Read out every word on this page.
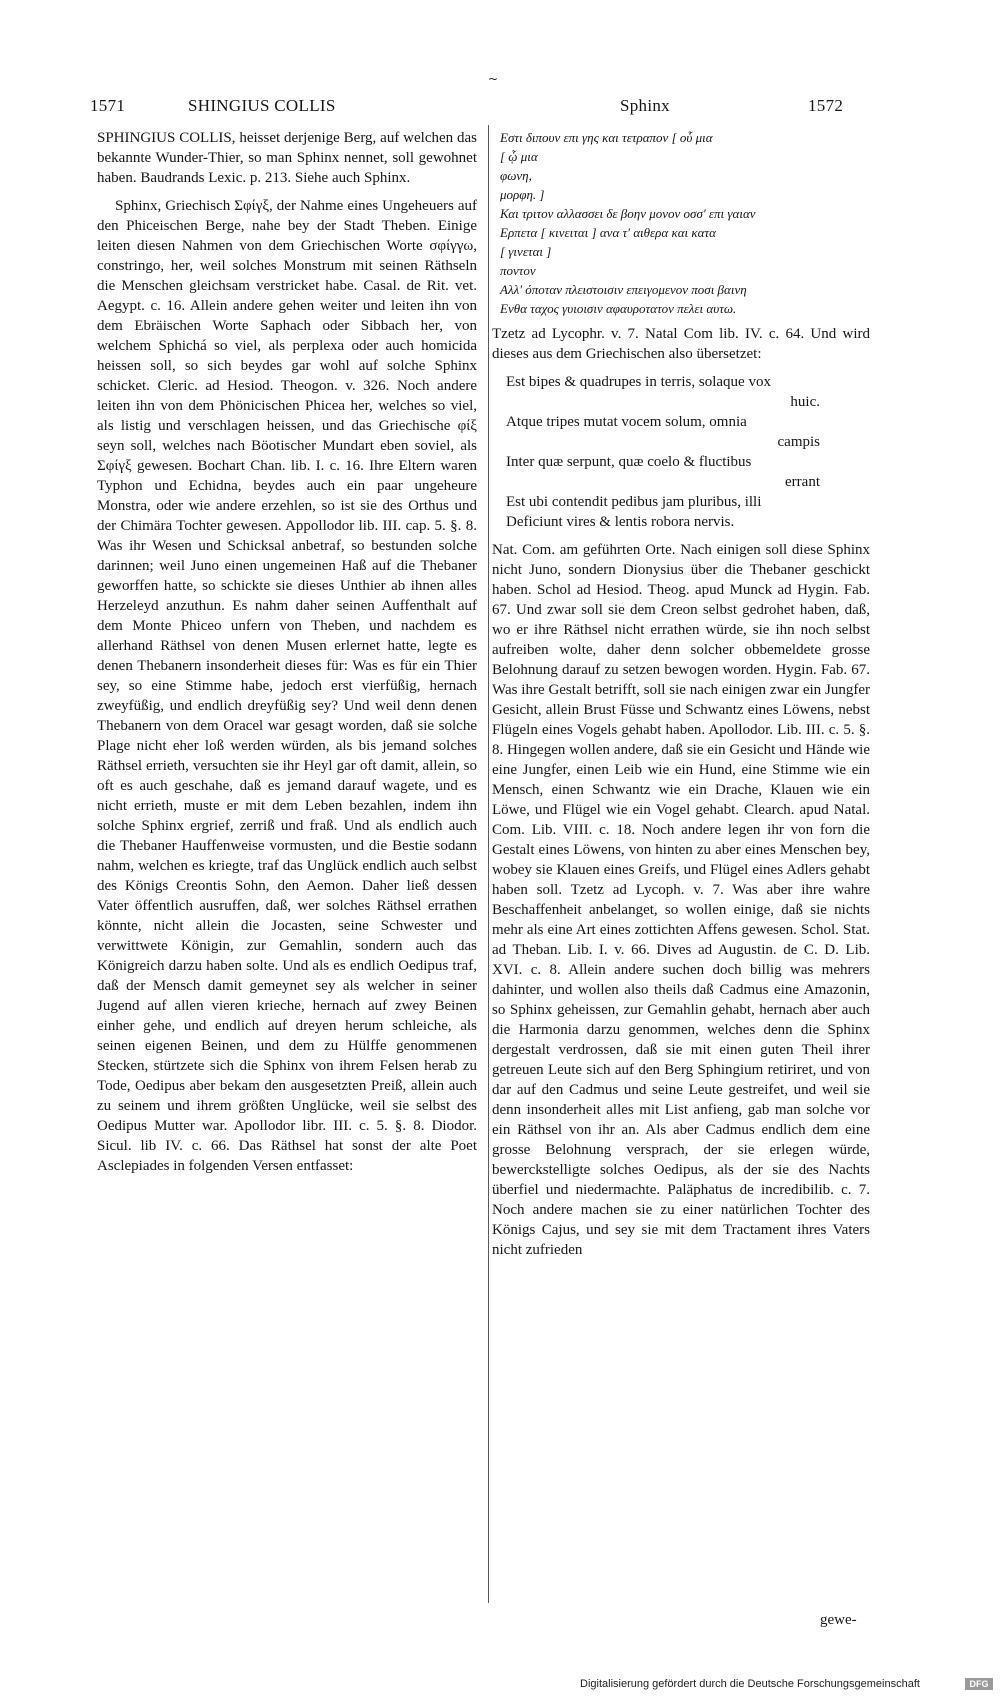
~
1571	SHINGIUS COLLIS	Sphinx	1572

SPHINGIUS COLLIS, heisset derjenige Berg, auf welchen das bekannte Wunder-Thier, so man Sphinx nennet, soll gewohnet haben. Baudrands Lexic. p. 213. Siehe auch Sphinx.

Sphinx, Griechisch Σφίγξ, der Nahme eines Ungeheuers auf den Phiceischen Berge, nahe bey der Stadt Theben. Einige leiten diesen Nahmen von dem Griechischen Worte σφίγγω, constringo, her, weil solches Monstrum mit seinen Räthseln die Menschen gleichsam verstricket habe. Casal. de Rit. vet. Aegypt. c. 16. Allein andere gehen weiter und leiten ihn von dem Ebräischen Worte Saphach oder Sibbach her, von welchem Sphichá so viel, als perplexa oder auch homicida heissen soll, so sich beydes gar wohl auf solche Sphinx schicket. Cleric. ad Hesiod. Theogon. v. 326. Noch andere leiten ihn von dem Phönicischen Phicea her, welches so viel, als listig und verschlagen heissen, und das Griechische φίξ seyn soll, welches nach Böotischer Mundart eben soviel, als Σφίγξ gewesen. Bochart Chan. lib. I. c. 16. Ihre Eltern waren Typhon und Echidna, beydes auch ein paar ungeheure Monstra, oder wie andere erzehlen, so ist sie des Orthus und der Chimära Tochter gewesen. Appollodor lib. III. cap. 5. §. 8. Was ihr Wesen und Schicksal anbetraf, so bestunden solche darinnen; weil Juno einen ungemeinen Haß auf die Thebaner geworffen hatte, so schickte sie dieses Unthier ab ihnen alles Herzeleyd anzuthun. Es nahm daher seinen Auffenthalt auf dem Monte Phiceo unfern von Theben, und nachdem es allerhand Räthsel von denen Musen erlernet hatte, legte es denen Thebanern insonderheit dieses für: Was es für ein Thier sey, so eine Stimme habe, jedoch erst vierfüßig, hernach zweyfüßig, und endlich dreyfüßig sey? Und weil denn denen Thebanern von dem Oracel war gesagt worden, daß sie solche Plage nicht eher loß werden würden, als bis jemand solches Räthsel errieth, versuchten sie ihr Heyl gar oft damit, allein, so oft es auch geschahe, daß es jemand darauf wagete, und es nicht errieth, muste er mit dem Leben bezahlen, indem ihn solche Sphinx ergrief, zerriß und fraß. Und als endlich auch die Thebaner Hauffenweise vormusten, und die Bestie sodann nahm, welchen es kriegte, traf das Unglück endlich auch selbst des Königs Creontis Sohn, den Aemon. Daher ließ dessen Vater öffentlich ausruffen, daß, wer solches Räthsel errathen könnte, nicht allein die Jocasten, seine Schwester und verwittwete Königin, zur Gemahlin, sondern auch das Königreich darzu haben solte. Und als es endlich Oedipus traf, daß der Mensch damit gemeynet sey als welcher in seiner Jugend auf allen vieren krieche, hernach auf zwey Beinen einher gehe, und endlich auf dreyen herum schleiche, als seinen eigenen Beinen, und dem zu Hülffe genommenen Stecken, stürtzete sich die Sphinx von ihrem Felsen herab zu Tode, Oedipus aber bekam den ausgesetzten Preiß, allein auch zu seinem und ihrem größten Unglücke, weil sie selbst des Oedipus Mutter war. Apollodor libr. III. c. 5. §. 8. Diodor. Sicul. lib IV. c. 66. Das Räthsel hat sonst der alte Poet Asclepiades in folgenden Versen entfasset:

Εστι διπουν επι γης και τετραπον [ οὗ μια
[ ᾧ μια
φωνη,
μορφη. ]
Και τριτον αλλασσει δε βοην μονον οσσ' επι γαιαν
Ερπετα [ κινειται ] ανα τ' αιθερα και κατα
[ γινεται ]
ποντον
Αλλ' όποταν πλειστοισιν επειγομενον ποσι βαινη
Ενθα ταχος γυιοισιν αφαυροτατον πελει αυτω.

Tzetz ad Lycophr. v. 7. Natal Com lib. IV. c. 64. Und wird dieses aus dem Griechischen also übersetzet:

Est bipes & quadrupes in terris, solaque vox
huic.
Atque tripes mutat vocem solum, omnia
campis
Inter quæ serpunt, quæ coelo & fluctibus
errant
Est ubi contendit pedibus jam pluribus, illi
Deficiunt vires & lentis robora nervis.

Nat. Com. am geführten Orte. Nach einigen soll diese Sphinx nicht Juno, sondern Dionysius über die Thebaner geschickt haben. Schol ad Hesiod. Theog. apud Munck ad Hygin. Fab. 67. Und zwar soll sie dem Creon selbst gedrohet haben, daß, wo er ihre Räthsel nicht errathen würde, sie ihn noch selbst aufreiben wolte, daher denn solcher obbemeldete grosse Belohnung darauf zu setzen bewogen worden. Hygin. Fab. 67. Was ihre Gestalt betrifft, soll sie nach einigen zwar ein Jungfer Gesicht, allein Brust Füsse und Schwantz eines Löwens, nebst Flügeln eines Vogels gehabt haben. Apollodor. Lib. III. c. 5. §. 8. Hingegen wollen andere, daß sie ein Gesicht und Hände wie eine Jungfer, einen Leib wie ein Hund, eine Stimme wie ein Mensch, einen Schwantz wie ein Drache, Klauen wie ein Löwe, und Flügel wie ein Vogel gehabt. Clearch. apud Natal. Com. Lib. VIII. c. 18. Noch andere legen ihr von forn die Gestalt eines Löwens, von hinten zu aber eines Menschen bey, wobey sie Klauen eines Greifs, und Flügel eines Adlers gehabt haben soll. Tzetz ad Lycoph. v. 7. Was aber ihre wahre Beschaffenheit anbelanget, so wollen einige, daß sie nichts mehr als eine Art eines zottichten Affens gewesen. Schol. Stat. ad Theban. Lib. I. v. 66. Dives ad Augustin. de C. D. Lib. XVI. c. 8. Allein andere suchen doch billig was mehrers dahinter, und wollen also theils daß Cadmus eine Amazonin, so Sphinx geheissen, zur Gemahlin gehabt, hernach aber auch die Harmonia darzu genommen, welches denn die Sphinx dergestalt verdrossen, daß sie mit einen guten Theil ihrer getreuen Leute sich auf den Berg Sphingium retiriret, und von dar auf den Cadmus und seine Leute gestreifet, und weil sie denn insonderheit alles mit List anfieng, gab man solche vor ein Räthsel von ihr an. Als aber Cadmus endlich dem eine grosse Belohnung versprach, der sie erlegen würde, bewerckstelligte solches Oedipus, als der sie des Nachts überfiel und niedermachte. Paläphatus de incredibilib. c. 7. Noch andere machen sie zu einer natürlichen Tochter des Königs Cajus, und sey sie mit dem Tractament ihres Vaters nicht zufrieden

gewe-
Digitalisierung gefördert durch die Deutsche Forschungsgemeinschaft	DFG
